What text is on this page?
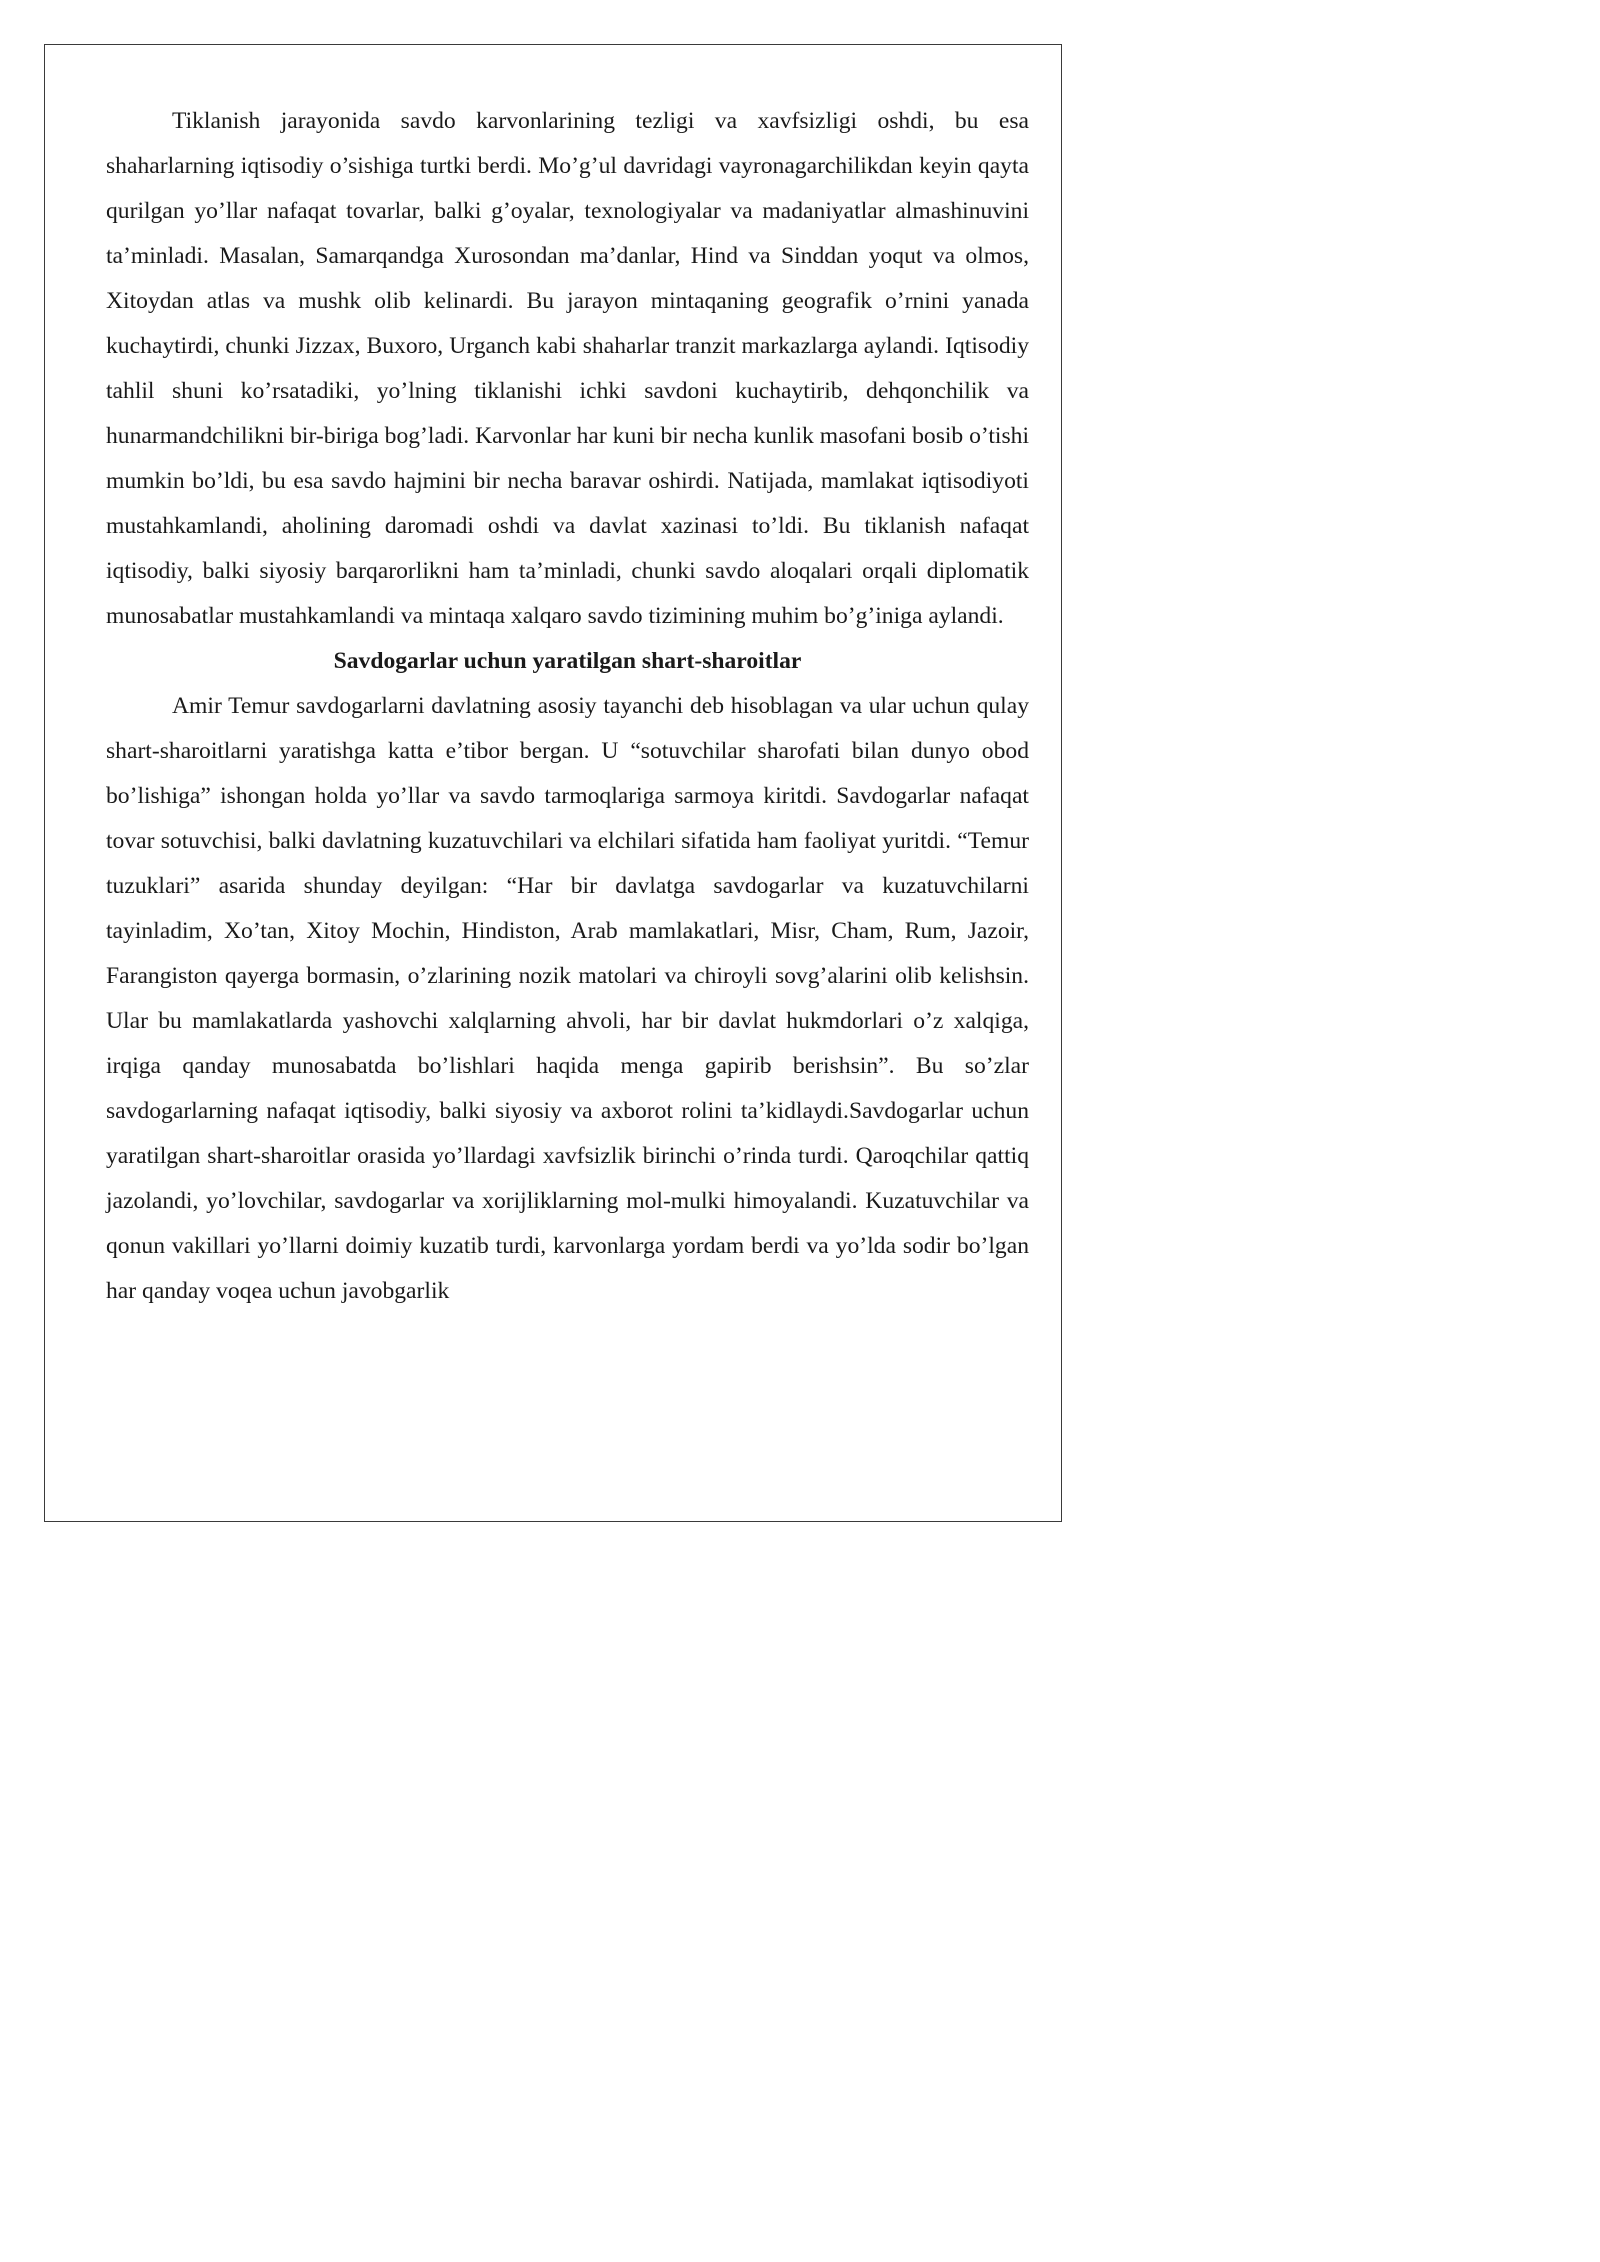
Tiklanish jarayonida savdo karvonlarining tezligi va xavfsizligi oshdi, bu esa shaharlarning iqtisodiy o’sishiga turtki berdi. Mo’g’ul davridagi vayronagarchilikdan keyin qayta qurilgan yo’llar nafaqat tovarlar, balki g’oyalar, texnologiyalar va madaniyatlar almashinuvini ta’minladi. Masalan, Samarqandga Xurosondan ma’danlar, Hind va Sinddan yoqut va olmos, Xitoydan atlas va mushk olib kelinardi. Bu jarayon mintaqaning geografik o’rnini yanada kuchaytirdi, chunki Jizzax, Buxoro, Urganch kabi shaharlar tranzit markazlarga aylandi. Iqtisodiy tahlil shuni ko’rsatadiki, yo’lning tiklanishi ichki savdoni kuchaytirib, dehqonchilik va hunarmandchilikni bir-biriga bog’ladi. Karvonlar har kuni bir necha kunlik masofani bosib o’tishi mumkin bo’ldi, bu esa savdo hajmini bir necha baravar oshirdi. Natijada, mamlakat iqtisodiyoti mustahkamlandi, aholining daromadi oshdi va davlat xazinasi to’ldi. Bu tiklanish nafaqat iqtisodiy, balki siyosiy barqarorlikni ham ta’minladi, chunki savdo aloqalari orqali diplomatik munosabatlar mustahkamlandi va mintaqa xalqaro savdo tizimining muhim bo’g’iniga aylandi.

Savdogarlar uchun yaratilgan shart-sharoitlar

Amir Temur savdogarlarni davlatning asosiy tayanchi deb hisoblagan va ular uchun qulay shart-sharoitlarni yaratishga katta e’tibor bergan. U “sotuvchilar sharofati bilan dunyo obod bo’lishiga” ishongan holda yo’llar va savdo tarmoqlariga sarmoya kiritdi. Savdogarlar nafaqat tovar sotuvchisi, balki davlatning kuzatuvchilari va elchilari sifatida ham faoliyat yuritdi. “Temur tuzuklari” asarida shunday deyilgan: “Har bir davlatga savdogarlar va kuzatuvchilarni tayinladim, Xo’tan, Xitoy Mochin, Hindiston, Arab mamlakatlari, Misr, Cham, Rum, Jazoir, Farangiston qayerga bormasin, o’zlarining nozik matolari va chiroyli sovg’alarini olib kelishsin. Ular bu mamlakatlarda yashovchi xalqlarning ahvoli, har bir davlat hukmdorlari o’z xalqiga, irqiga qanday munosabatda bo’lishlari haqida menga gapirib berishsin”. Bu so’zlar savdogarlarning nafaqat iqtisodiy, balki siyosiy va axborot rolini ta’kidlaydi.Savdogarlar uchun yaratilgan shart-sharoitlar orasida yo’llardagi xavfsizlik birinchi o’rinda turdi. Qaroqchilar qattiq jazolandi, yo’lovchilar, savdogarlar va xorijliklarning mol-mulki himoyalandi. Kuzatuvchilar va qonun vakillari yo’llarni doimiy kuzatib turdi, karvonlarga yordam berdi va yo’lda sodir bo’lgan har qanday voqea uchun javobgarlik
